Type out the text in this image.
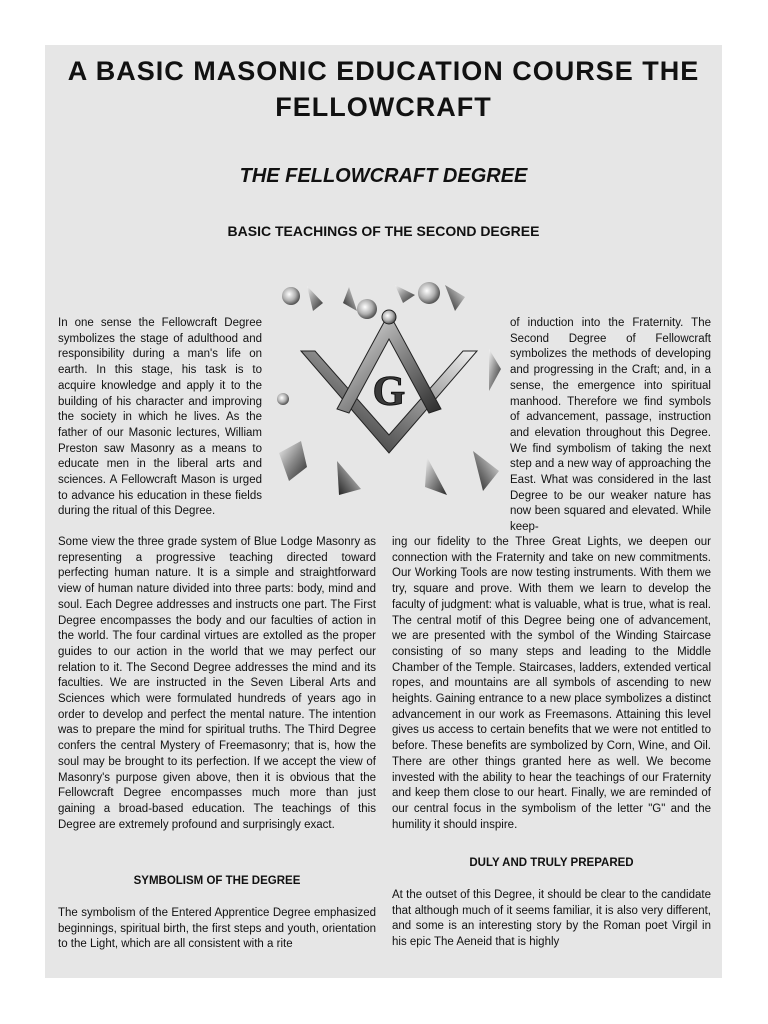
A BASIC MASONIC EDUCATION COURSE THE FELLOWCRAFT
THE FELLOWCRAFT DEGREE
BASIC TEACHINGS OF THE SECOND DEGREE
G

In one sense the Fellowcraft Degree symbolizes the stage of adulthood and responsibility during a man's life on earth. In this stage, his task is to acquire knowledge and apply it to the building of his character and improving the society in which he lives. As the father of our Masonic lectures, William Preston saw Masonry as a means to educate men in the liberal arts and sciences. A Fellowcraft Mason is urged to advance his education in these fields during the ritual of this Degree.

Some view the three grade system of Blue Lodge Masonry as representing a progressive teaching directed toward perfecting human nature. It is a simple and straightforward view of human nature divided into three parts: body, mind and soul. Each Degree addresses and instructs one part. The First Degree encompasses the body and our faculties of action in the world. The four cardinal virtues are extolled as the proper guides to our action in the world that we may perfect our relation to it. The Second Degree addresses the mind and its faculties. We are instructed in the Seven Liberal Arts and Sciences which were formulated hundreds of years ago in order to develop and perfect the mental nature. The intention was to prepare the mind for spiritual truths. The Third Degree confers the central Mystery of Freemasonry; that is, how the soul may be brought to its perfection. If we accept the view of Masonry's purpose given above, then it is obvious that the Fellowcraft Degree encompasses much more than just gaining a broad-based education. The teachings of this Degree are extremely profound and surprisingly exact.

SYMBOLISM OF THE DEGREE

The symbolism of the Entered Apprentice Degree emphasized beginnings, spiritual birth, the first steps and youth, orientation to the Light, which are all consistent with a rite

of induction into the Fraternity. The Second Degree of Fellowcraft symbolizes the methods of developing and progressing in the Craft; and, in a sense, the emergence into spiritual manhood. Therefore we find symbols of advancement, passage, instruction and elevation throughout this Degree. We find symbolism of taking the next step and a new way of approaching the East. What was considered in the last Degree to be our weaker nature has now been squared and elevated. While keep-

ing our fidelity to the Three Great Lights, we deepen our connection with the Fraternity and take on new commitments. Our Working Tools are now testing instruments. With them we try, square and prove. With them we learn to develop the faculty of judgment: what is valuable, what is true, what is real. The central motif of this Degree being one of advancement, we are presented with the symbol of the Winding Staircase consisting of so many steps and leading to the Middle Chamber of the Temple. Staircases, ladders, extended vertical ropes, and mountains are all symbols of ascending to new heights. Gaining entrance to a new place symbolizes a distinct advancement in our work as Freemasons. Attaining this level gives us access to certain benefits that we were not entitled to before. These benefits are symbolized by Corn, Wine, and Oil. There are other things granted here as well. We become invested with the ability to hear the teachings of our Fraternity and keep them close to our heart. Finally, we are reminded of our central focus in the symbolism of the letter "G" and the humility it should inspire.

DULY AND TRULY PREPARED

At the outset of this Degree, it should be clear to the candidate that although much of it seems familiar, it is also very different, and some is an interesting story by the Roman poet Virgil in his epic The Aeneid that is highly
